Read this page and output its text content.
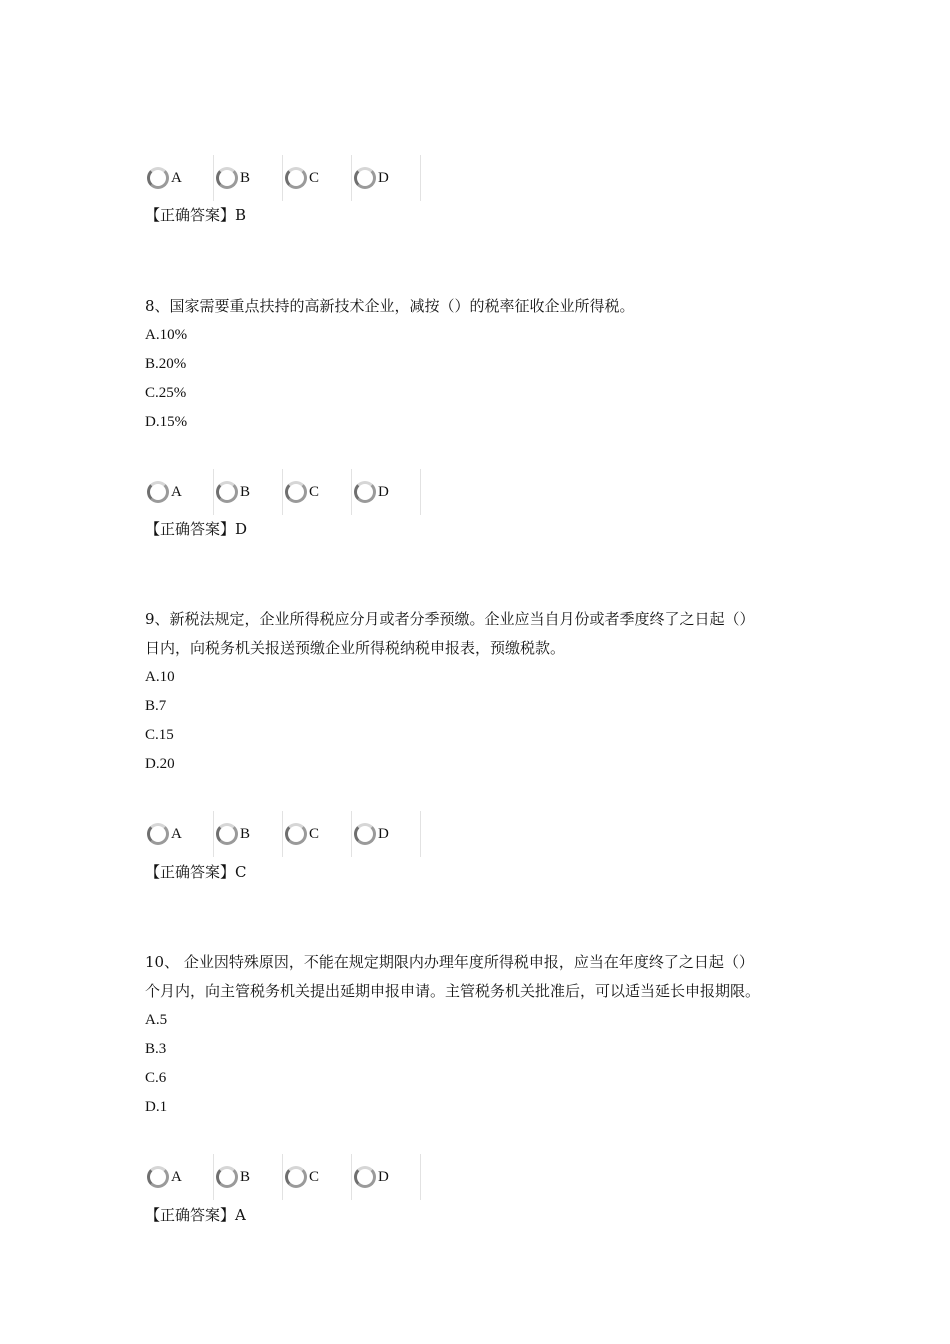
A	B	C	D
【正确答案】B

8、国家需要重点扶持的高新技术企业，减按（）的税率征收企业所得税。

A.10%

B.20%

C.25%

D.15%

A	B	C	D
【正确答案】D

9、新税法规定，企业所得税应分月或者分季预缴。企业应当自月份或者季度终了之日起（）

日内，向税务机关报送预缴企业所得税纳税申报表，预缴税款。

A.10

B.7

C.15

D.20

A	B	C	D
【正确答案】C

10、 企业因特殊原因，不能在规定期限内办理年度所得税申报，应当在年度终了之日起（）

个月内，向主管税务机关提出延期申报申请。主管税务机关批准后，可以适当延长申报期限。

A.5

B.3

C.6

D.1

A	B	C	D
【正确答案】A
